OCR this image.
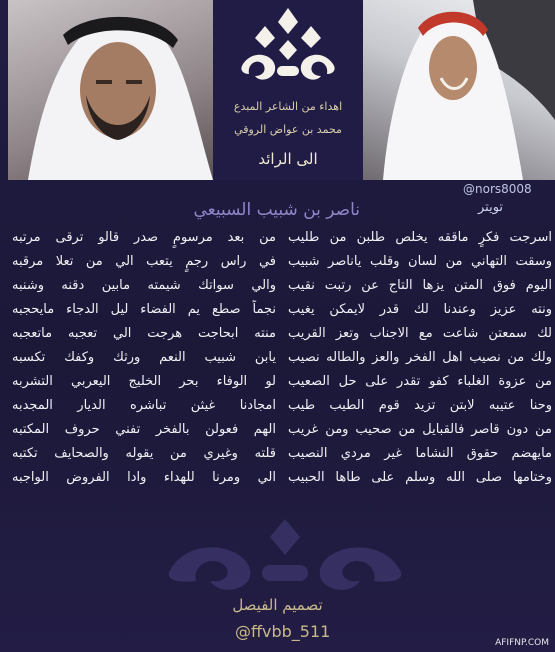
اهداء من الشاعر المبدع
محمد بن عواض الروقي
الى الرائد
@nors8008
تويتر
ناصر بن شبيب السبيعي
اسرجت فكرٍ ماققه يخلص طلبن من طليب
من بعد مرسومٍ صدر قالو ترقى مرتبه
وسقت التهاني من لسان وقلب ياناصر شبيب
في راس رجمٍ يتعب الي من تعلا مرقبه
اليوم فوق المتن يزها التاج عن رتبت نقيب
والي سواتك شيمته مابين دقنه وشنبه
ونته عزيز وعندنا لك قدر لايمكن يغيب
نجماً صطع يم الفضاء ليل الدجاء مايحجبه
لك سمعتن شاعت مع الاجناب وتعز القريب
منته ابحاجت هرجت الي تعجبه ماتعجبه
ولك من نصيب اهل الفخر والعز والطاله نصيب
يابن شبيب النعم ورثك وكفك تكسبه
من عزوة الغلباء كفو تقدر على حل الصعيب
لو الوفاء بحر الخليج اليعربي التشربه
وحنا عتيبه لابتن تزيد قوم الطيب طيب
امجادنا غيثن تباشره الديار المجدبه
من دون قاصر فالقبايل من صحيب ومن غريب
الهم فعولن بالفخر تفني حروف المكتبه
مايهضم حقوق النشاما غير مردي النصيب
قلته وغيري من يقوله والصحايف تكتبه
وختامها صلى الله وسلم على طاها الحبيب
الي ومرنا للهداء وادا الفروض الواجبه
تصميم الفيصل
@ffvbb_511
AFIFNP.COM
